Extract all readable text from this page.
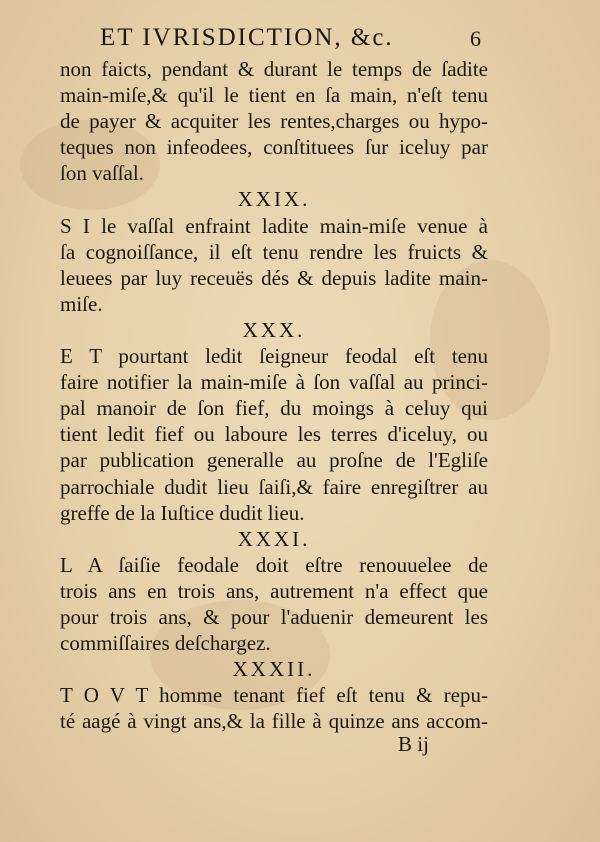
ET IVRISDICTION, &c.	6
non faicts, pendant & durant le temps de ſadite
main-miſe,& qu'il le tient en ſa main, n'eſt tenu
de payer & acquiter les rentes,charges ou hypo-
teques non infeodees, conſtituees ſur iceluy par
ſon vaſſal.
XXIX.
S I le vaſſal enfraint ladite main-miſe venue à
ſa cognoiſſance, il eſt tenu rendre les fruicts &
leuees par luy receuës dés & depuis ladite main-
miſe.
XXX.
E T pourtant ledit ſeigneur feodal eſt tenu
faire notifier la main-miſe à ſon vaſſal au princi-
pal manoir de ſon fief, du moings à celuy qui
tient ledit fief ou laboure les terres d'iceluy, ou
par publication generalle au proſne de l'Egliſe
parrochiale dudit lieu ſaiſi,& faire enregiſtrer au
greffe de la Iuſtice dudit lieu.
XXXI.
L A ſaiſie feodale doit eſtre renouuelee de
trois ans en trois ans, autrement n'a effect que
pour trois ans, & pour l'aduenir demeurent les
commiſſaires deſchargez.
XXXII.
T O V T homme tenant fief eſt tenu & repu-
té aagé à vingt ans,& la fille à quinze ans accom-
B ij
